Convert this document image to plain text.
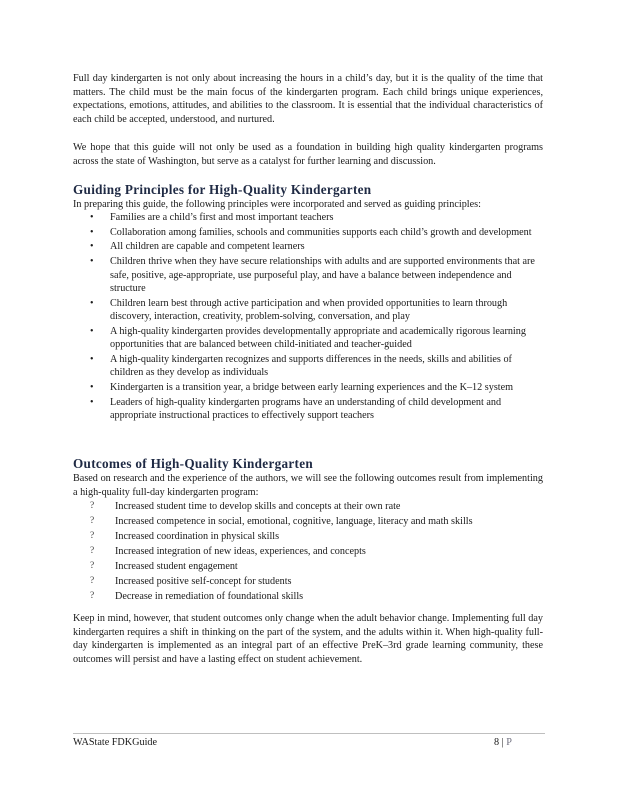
Full day kindergarten is not only about increasing the hours in a child’s day, but it is the quality of the time that matters. The child must be the main focus of the kindergarten program. Each child brings unique experiences, expectations, emotions, attitudes, and abilities to the classroom. It is essential that the individual characteristics of each child be accepted, understood, and nurtured.

We hope that this guide will not only be used as a foundation in building high quality kindergarten programs across the state of Washington, but serve as a catalyst for further learning and discussion.

Guiding Principles for High‐Quality Kindergarten

In preparing this guide, the following principles were incorporated and served as guiding principles:

• Families are a child’s first and most important teachers
• Collaboration among families, schools and communities supports each child’s growth and development
• All children are capable and competent learners
• Children thrive when they have secure relationships with adults and are supported environments that are safe, positive, age‐appropriate, use purposeful play, and have a balance between independence and structure
• Children learn best through active participation and when provided opportunities to learn through discovery, interaction, creativity, problem‐solving, conversation, and play
• A high‐quality kindergarten provides developmentally appropriate and academically rigorous learning opportunities that are balanced between child‐initiated and teacher‐guided
• A high‐quality kindergarten recognizes and supports differences in the needs, skills and abilities of children as they develop as individuals
• Kindergarten is a transition year, a bridge between early learning experiences and the K–12 system
• Leaders of high‐quality kindergarten programs have an understanding of child development and appropriate instructional practices to effectively support teachers
Outcomes of High‐Quality Kindergarten

Based on research and the experience of the authors, we will see the following outcomes result from implementing a high‐quality full‐day kindergarten program:

? Increased student time to develop skills and concepts at their own rate
? Increased competence in social, emotional, cognitive, language, literacy and math skills
? Increased coordination in physical skills
? Increased integration of new ideas, experiences, and concepts
? Increased student engagement
? Increased positive self‐concept for students
? Decrease in remediation of foundational skills

Keep in mind, however, that student outcomes only change when the adult behavior change. Implementing full day kindergarten requires a shift in thinking on the part of the system, and the adults within it. When high‐quality full‐day kindergarten is implemented as an integral part of an effective PreK–3rd grade learning community, these outcomes will persist and have a lasting effect on student achievement.

WAState FDKGuide	8 | P
